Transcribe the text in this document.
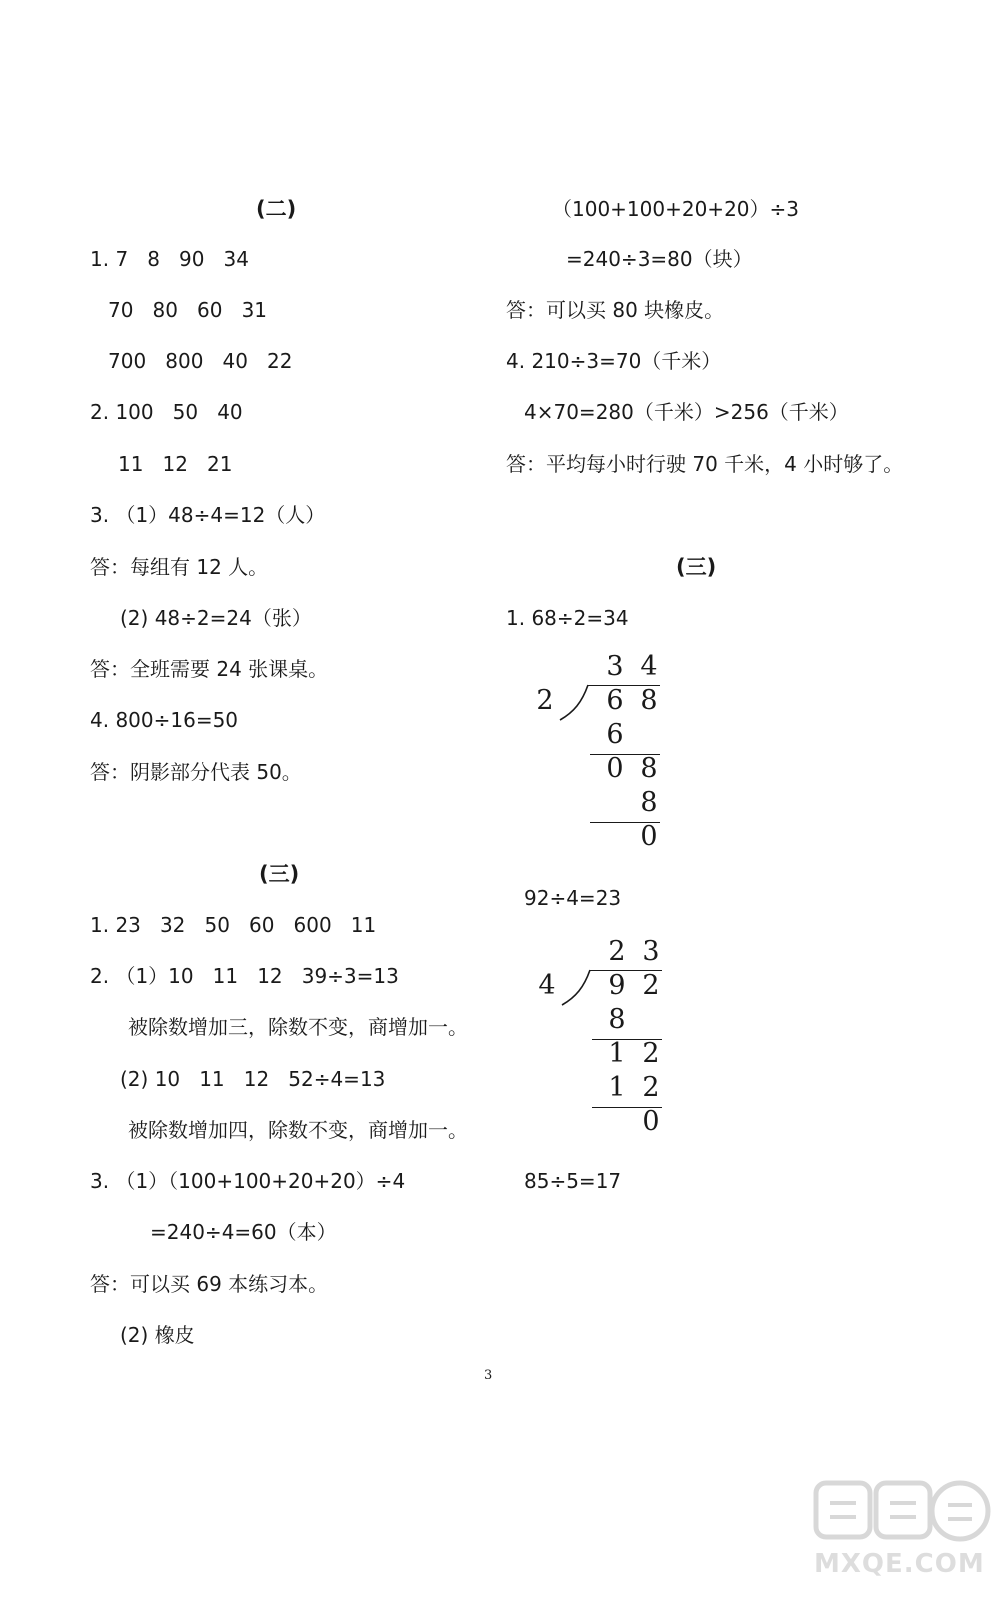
(二)
1. 7   8   90   34
70   80   60   31
700   800   40   22
2. 100   50   40
11   12   21
3. （1）48÷4=12（人）
答：每组有 12 人。
(2) 48÷2=24（张）
答：全班需要 24 张课桌。
4. 800÷16=50
答：阴影部分代表 50。
(三)
1. 23   32   50   60   600   11
2. （1）10   11   12   39÷3=13
被除数增加三，除数不变，商增加一。
(2) 10   11   12   52÷4=13
被除数增加四，除数不变，商增加一。
3. （1）（100+100+20+20）÷4
=240÷4=60（本）
答：可以买 69 本练习本。
(2) 橡皮
（100+100+20+20）÷3
=240÷3=80（块）
答：可以买 80 块橡皮。
4. 210÷3=70（千米）
4×70=280（千米）>256（千米）
答：平均每小时行驶 70 千米，4 小时够了。
(三)
1. 68÷2=34
3 4
2 6 8
6
0 8
8
0
92÷4=23
2 3
4 9 2
8
1 2
1 2
0
85÷5=17
3
MXQE.COM
